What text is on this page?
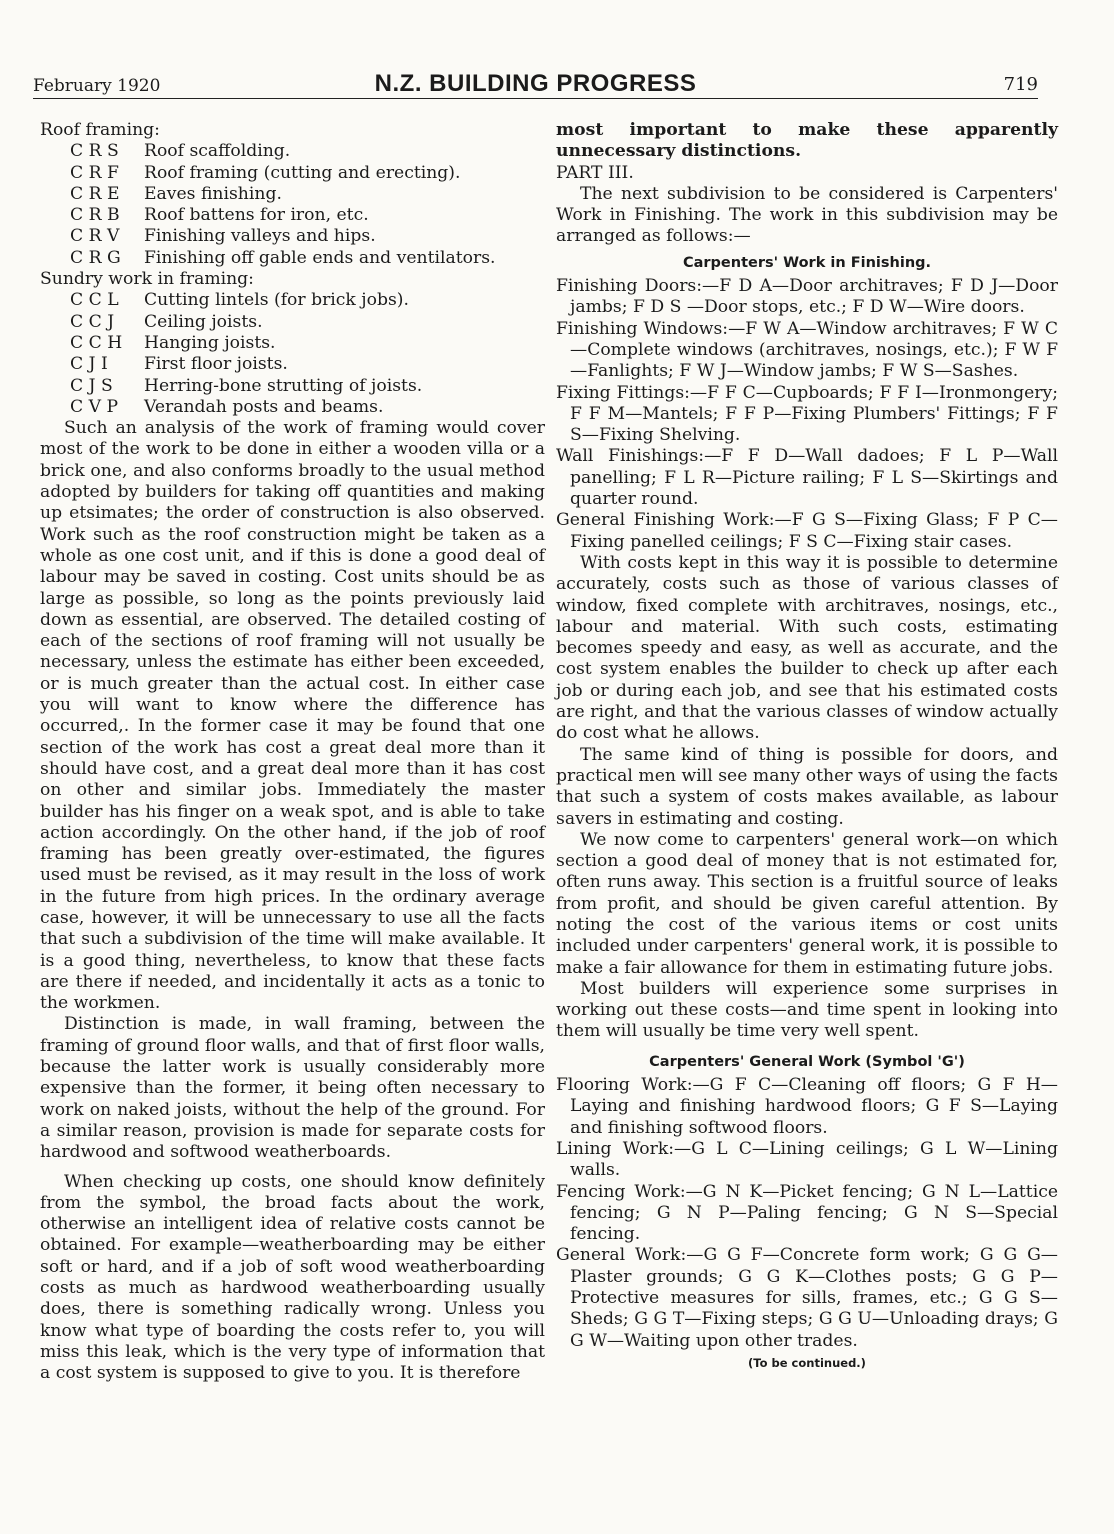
February 1920	N.Z. BUILDING PROGRESS	719

Roof framing:

C R S	Roof scaffolding.
C R F	Roof framing (cutting and erecting).
C R E	Eaves finishing.
C R B	Roof battens for iron, etc.
C R V	Finishing valleys and hips.
C R G	Finishing off gable ends and ventilators.

Sundry work in framing:

C C L	Cutting lintels (for brick jobs).
C C J	Ceiling joists.
C C H	Hanging joists.
C J I	First floor joists.
C J S	Herring-bone strutting of joists.
C V P	Verandah posts and beams.

Such an analysis of the work of framing would cover most of the work to be done in either a wooden villa or a brick one, and also conforms broadly to the usual method adopted by builders for taking off quantities and making up etsimates; the order of construction is also observed. Work such as the roof construction might be taken as a whole as one cost unit, and if this is done a good deal of labour may be saved in costing. Cost units should be as large as possible, so long as the points previously laid down as essential, are observed. The detailed costing of each of the sections of roof framing will not usually be necessary, unless the estimate has either been exceeded, or is much greater than the actual cost. In either case you will want to know where the difference has occurred,. In the former case it may be found that one section of the work has cost a great deal more than it should have cost, and a great deal more than it has cost on other and similar jobs. Immediately the master builder has his finger on a weak spot, and is able to take action accordingly. On the other hand, if the job of roof framing has been greatly over-estimated, the figures used must be revised, as it may result in the loss of work in the future from high prices. In the ordinary average case, however, it will be unnecessary to use all the facts that such a subdivision of the time will make available. It is a good thing, nevertheless, to know that these facts are there if needed, and incidentally it acts as a tonic to the workmen.

Distinction is made, in wall framing, between the framing of ground floor walls, and that of first floor walls, because the latter work is usually considerably more expensive than the former, it being often necessary to work on naked joists, without the help of the ground. For a similar reason, provision is made for separate costs for hardwood and softwood weatherboards.

When checking up costs, one should know definitely from the symbol, the broad facts about the work, otherwise an intelligent idea of relative costs cannot be obtained. For example—weatherboarding may be either soft or hard, and if a job of soft wood weatherboarding costs as much as hardwood weatherboarding usually does, there is something radically wrong. Unless you know what type of boarding the costs refer to, you will miss this leak, which is the very type of information that a cost system is supposed to give to you. It is therefore

most important to make these apparently unnecessary distinctions.

PART III.

The next subdivision to be considered is Carpenters' Work in Finishing. The work in this subdivision may be arranged as follows:—

Carpenters' Work in Finishing.

Finishing Doors:—F D A—Door architraves; F D J—Door jambs; F D S —Door stops, etc.; F D W—Wire doors.

Finishing Windows:—F W A—Window architraves; F W C—Complete windows (architraves, nosings, etc.); F W F—Fanlights; F W J—Window jambs; F W S—Sashes.

Fixing Fittings:—F F C—Cupboards; F F I—Ironmongery; F F M—Mantels; F F P—Fixing Plumbers' Fittings; F F S—Fixing Shelving.

Wall Finishings:—F F D—Wall dadoes; F L P—Wall panelling; F L R—Picture railing; F L S—Skirtings and quarter round.

General Finishing Work:—F G S—Fixing Glass; F P C—Fixing panelled ceilings; F S C—Fixing stair cases.

With costs kept in this way it is possible to determine accurately, costs such as those of various classes of window, fixed complete with architraves, nosings, etc., labour and material. With such costs, estimating becomes speedy and easy, as well as accurate, and the cost system enables the builder to check up after each job or during each job, and see that his estimated costs are right, and that the various classes of window actually do cost what he allows.

The same kind of thing is possible for doors, and practical men will see many other ways of using the facts that such a system of costs makes available, as labour savers in estimating and costing.

We now come to carpenters' general work—on which section a good deal of money that is not estimated for, often runs away. This section is a fruitful source of leaks from profit, and should be given careful attention. By noting the cost of the various items or cost units included under carpenters' general work, it is possible to make a fair allowance for them in estimating future jobs.

Most builders will experience some surprises in working out these costs—and time spent in looking into them will usually be time very well spent.

Carpenters' General Work (Symbol 'G')

Flooring Work:—G F C—Cleaning off floors; G F H—Laying and finishing hardwood floors; G F S—Laying and finishing softwood floors.

Lining Work:—G L C—Lining ceilings; G L W—Lining walls.

Fencing Work:—G N K—Picket fencing; G N L—Lattice fencing; G N P—Paling fencing; G N S—Special fencing.

General Work:—G G F—Concrete form work; G G G—Plaster grounds; G G K—Clothes posts; G G P—Protective measures for sills, frames, etc.; G G S—Sheds; G G T—Fixing steps; G G U—Unloading drays; G G W—Waiting upon other trades.

(To be continued.)
